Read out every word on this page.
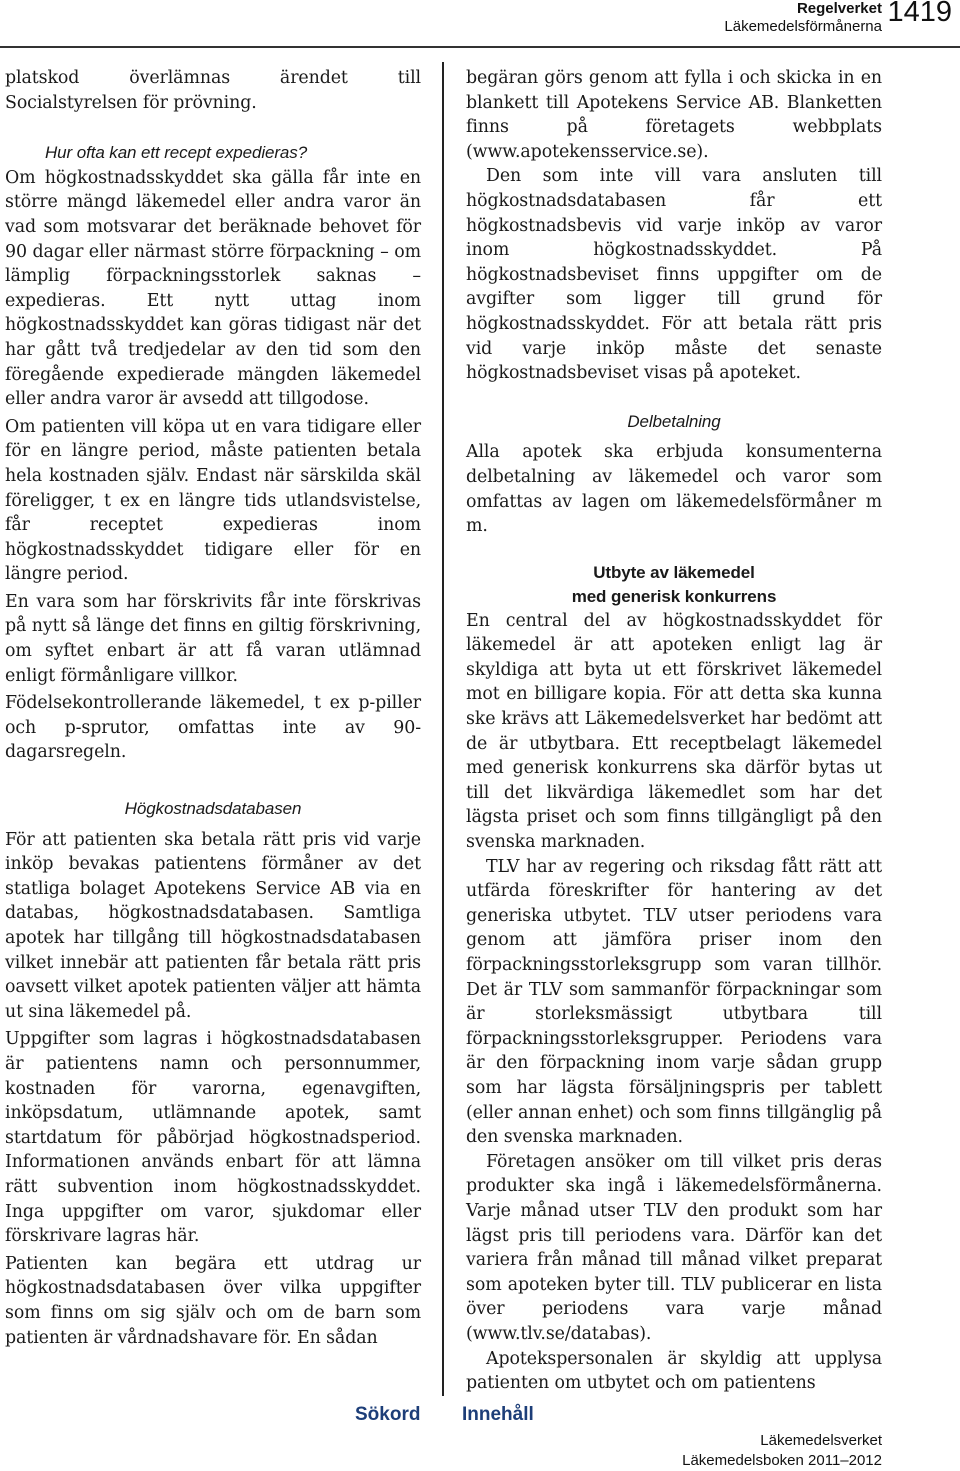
Regelverket
Läkemedelsförmånerna 1419

platskod överlämnas ärendet till Socialstyrelsen för prövning.

Hur ofta kan ett recept expedieras?

Om högkostnadsskyddet ska gälla får inte en större mängd läkemedel eller andra varor än vad som motsvarar det beräknade behovet för 90 dagar eller närmast större förpackning – om lämplig förpackningsstorlek saknas – expedieras. Ett nytt uttag inom högkostnadsskyddet kan göras tidigast när det har gått två tredjedelar av den tid som den föregående expedierade mängden läkemedel eller andra varor är avsedd att tillgodose.

Om patienten vill köpa ut en vara tidigare eller för en längre period, måste patienten betala hela kostnaden själv. Endast när särskilda skäl föreligger, t ex en längre tids utlandsvistelse, får receptet expedieras inom högkostnadsskyddet tidigare eller för en längre period.

En vara som har förskrivits får inte förskrivas på nytt så länge det finns en giltig förskrivning, om syftet enbart är att få varan utlämnad enligt förmånligare villkor.

Födelsekontrollerande läkemedel, t ex p-piller och p-sprutor, omfattas inte av 90-dagarsregeln.

Högkostnadsdatabasen

För att patienten ska betala rätt pris vid varje inköp bevakas patientens förmåner av det statliga bolaget Apotekens Service AB via en databas, högkostnadsdatabasen. Samtliga apotek har tillgång till högkostnadsdatabasen vilket innebär att patienten får betala rätt pris oavsett vilket apotek patienten väljer att hämta ut sina läkemedel på.

Uppgifter som lagras i högkostnadsdatabasen är patientens namn och personnummer, kostnaden för varorna, egenavgiften, inköpsdatum, utlämnande apotek, samt startdatum för påbörjad högkostnadsperiod. Informationen används enbart för att lämna rätt subvention inom högkostnadsskyddet. Inga uppgifter om varor, sjukdomar eller förskrivare lagras här.

Patienten kan begära ett utdrag ur högkostnadsdatabasen över vilka uppgifter som finns om sig själv och om de barn som patienten är vårdnadshavare för. En sådan

begäran görs genom att fylla i och skicka in en blankett till Apotekens Service AB. Blanketten finns på företagets webbplats (www.apotekensservice.se).

Den som inte vill vara ansluten till högkostnadsdatabasen får ett högkostnadsbevis vid varje inköp av varor inom högkostnadsskyddet. På högkostnadsbeviset finns uppgifter om de avgifter som ligger till grund för högkostnadsskyddet. För att betala rätt pris vid varje inköp måste det senaste högkostnadsbeviset visas på apoteket.

Delbetalning

Alla apotek ska erbjuda konsumenterna delbetalning av läkemedel och varor som omfattas av lagen om läkemedelsförmåner m m.

Utbyte av läkemedel
med generisk konkurrens

En central del av högkostnadsskyddet för läkemedel är att apoteken enligt lag är skyldiga att byta ut ett förskrivet läkemedel mot en billigare kopia. För att detta ska kunna ske krävs att Läkemedelsverket har bedömt att de är utbytbara. Ett receptbelagt läkemedel med generisk konkurrens ska därför bytas ut till det likvärdiga läkemedlet som har det lägsta priset och som finns tillgängligt på den svenska marknaden.

TLV har av regering och riksdag fått rätt att utfärda föreskrifter för hantering av det generiska utbytet. TLV utser periodens vara genom att jämföra priser inom den förpackningsstorleksgrupp som varan tillhör. Det är TLV som sammanför förpackningar som är storleksmässigt utbytbara till förpackningsstorleksgrupper. Periodens vara är den förpackning inom varje sådan grupp som har lägsta försäljningspris per tablett (eller annan enhet) och som finns tillgänglig på den svenska marknaden.

Företagen ansöker om till vilket pris deras produkter ska ingå i läkemedelsförmånerna. Varje månad utser TLV den produkt som har lägst pris till periodens vara. Därför kan det variera från månad till månad vilket preparat som apoteken byter till. TLV publicerar en lista över periodens vara varje månad (www.tlv.se/databas).

Apotekspersonalen är skyldig att upplysa patienten om utbytet och om patientens

Sökord Innehåll
Läkemedelsverket
Läkemedelsboken 2011–2012
